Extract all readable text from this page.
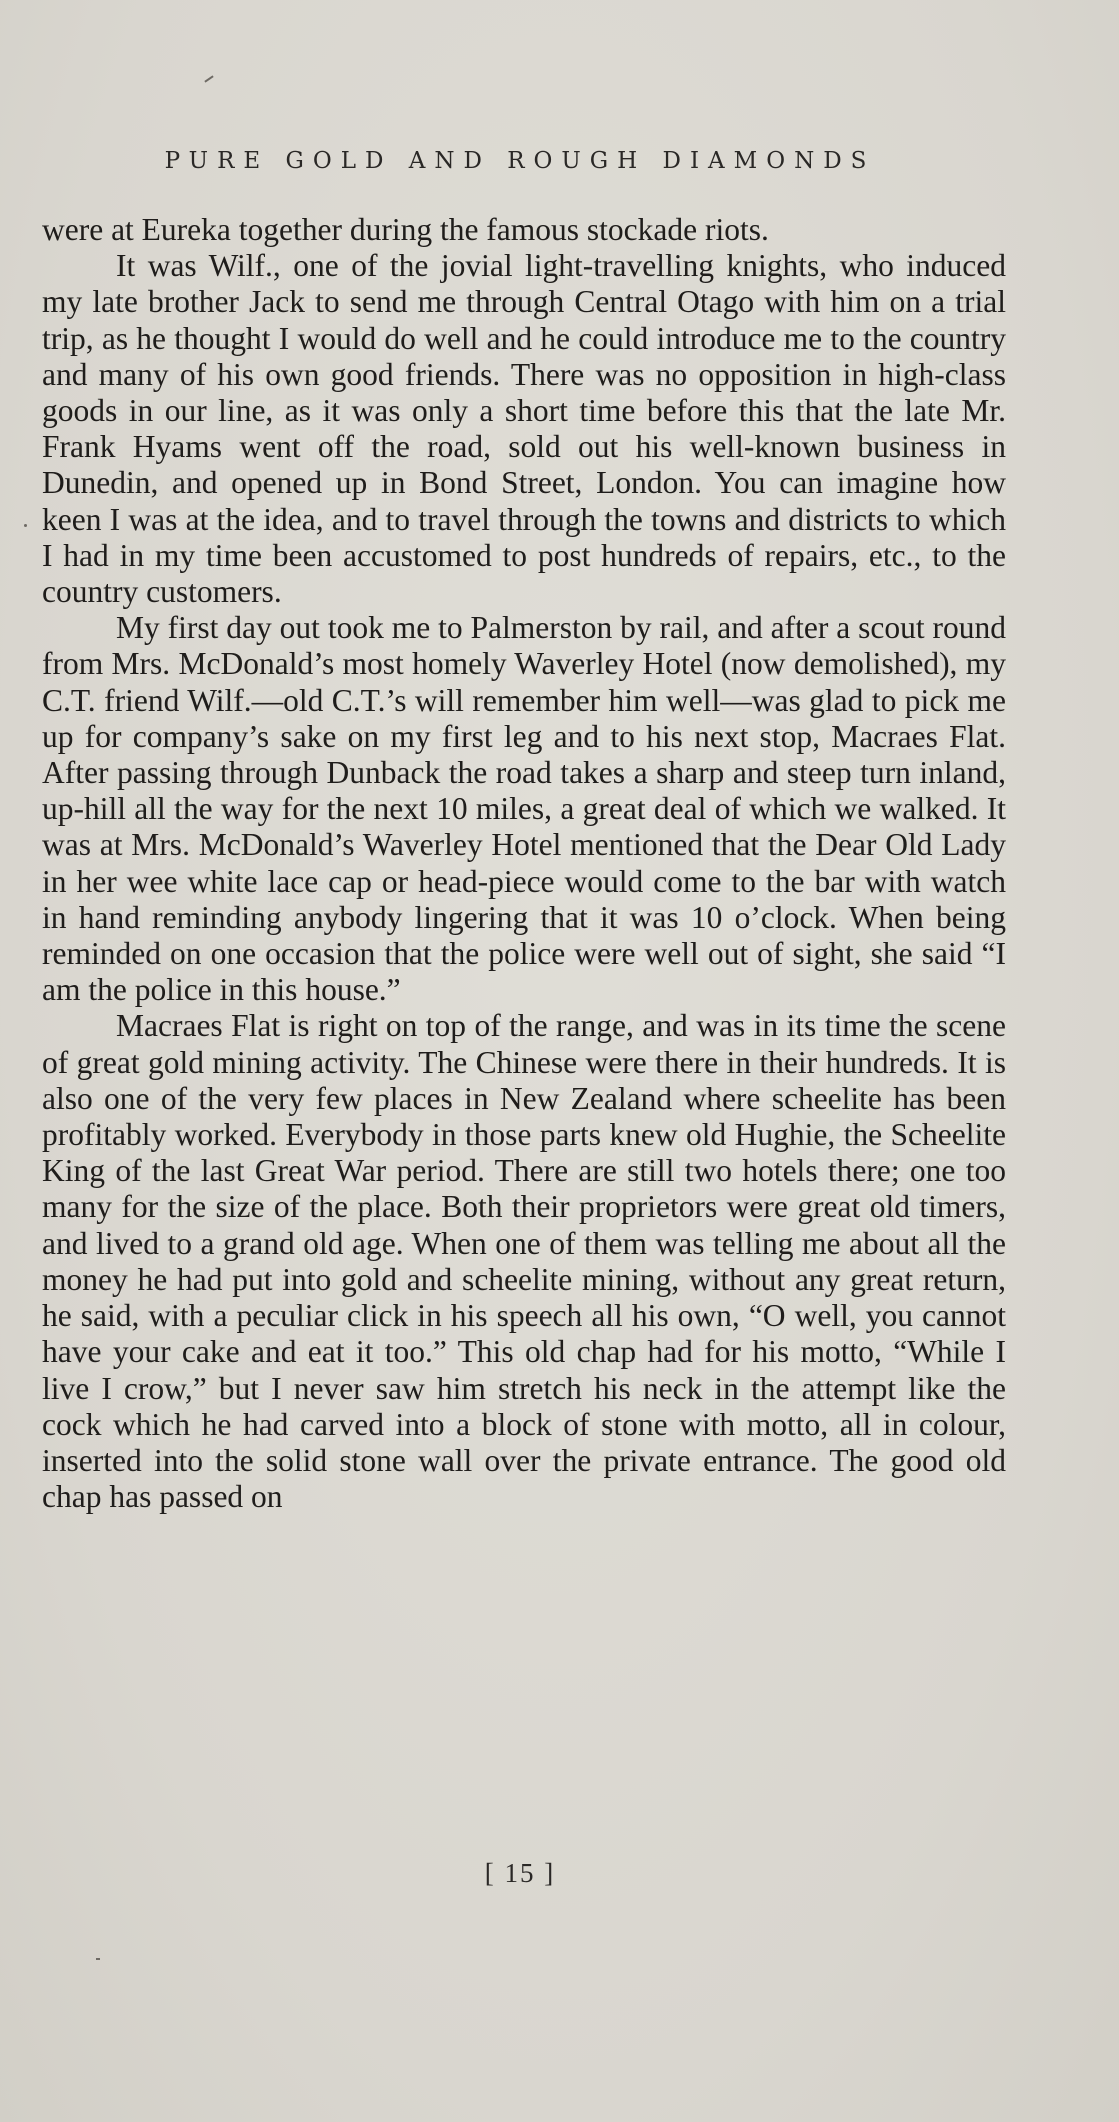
PURE GOLD AND ROUGH DIAMONDS

were at Eureka together during the famous stockade riots.

It was Wilf., one of the jovial light-travelling knights, who induced my late brother Jack to send me through Central Otago with him on a trial trip, as he thought I would do well and he could introduce me to the country and many of his own good friends. There was no opposition in high-class goods in our line, as it was only a short time before this that the late Mr. Frank Hyams went off the road, sold out his well-known business in Dunedin, and opened up in Bond Street, London. You can imagine how keen I was at the idea, and to travel through the towns and districts to which I had in my time been accustomed to post hundreds of repairs, etc., to the country customers.

My first day out took me to Palmerston by rail, and after a scout round from Mrs. McDonald’s most homely Waverley Hotel (now demolished), my C.T. friend Wilf.—old C.T.’s will remember him well—was glad to pick me up for company’s sake on my first leg and to his next stop, Macraes Flat. After passing through Dunback the road takes a sharp and steep turn inland, up-hill all the way for the next 10 miles, a great deal of which we walked. It was at Mrs. McDonald’s Waverley Hotel mentioned that the Dear Old Lady in her wee white lace cap or head-piece would come to the bar with watch in hand reminding anybody lingering that it was 10 o’clock. When being reminded on one occasion that the police were well out of sight, she said “I am the police in this house.”

Macraes Flat is right on top of the range, and was in its time the scene of great gold mining activity. The Chinese were there in their hundreds. It is also one of the very few places in New Zealand where scheelite has been profitably worked. Everybody in those parts knew old Hughie, the Scheelite King of the last Great War period. There are still two hotels there; one too many for the size of the place. Both their proprietors were great old timers, and lived to a grand old age. When one of them was telling me about all the money he had put into gold and scheelite mining, without any great return, he said, with a peculiar click in his speech all his own, “O well, you cannot have your cake and eat it too.” This old chap had for his motto, “While I live I crow,” but I never saw him stretch his neck in the attempt like the cock which he had carved into a block of stone with motto, all in colour, inserted into the solid stone wall over the private entrance. The good old chap has passed on

[ 15 ]
